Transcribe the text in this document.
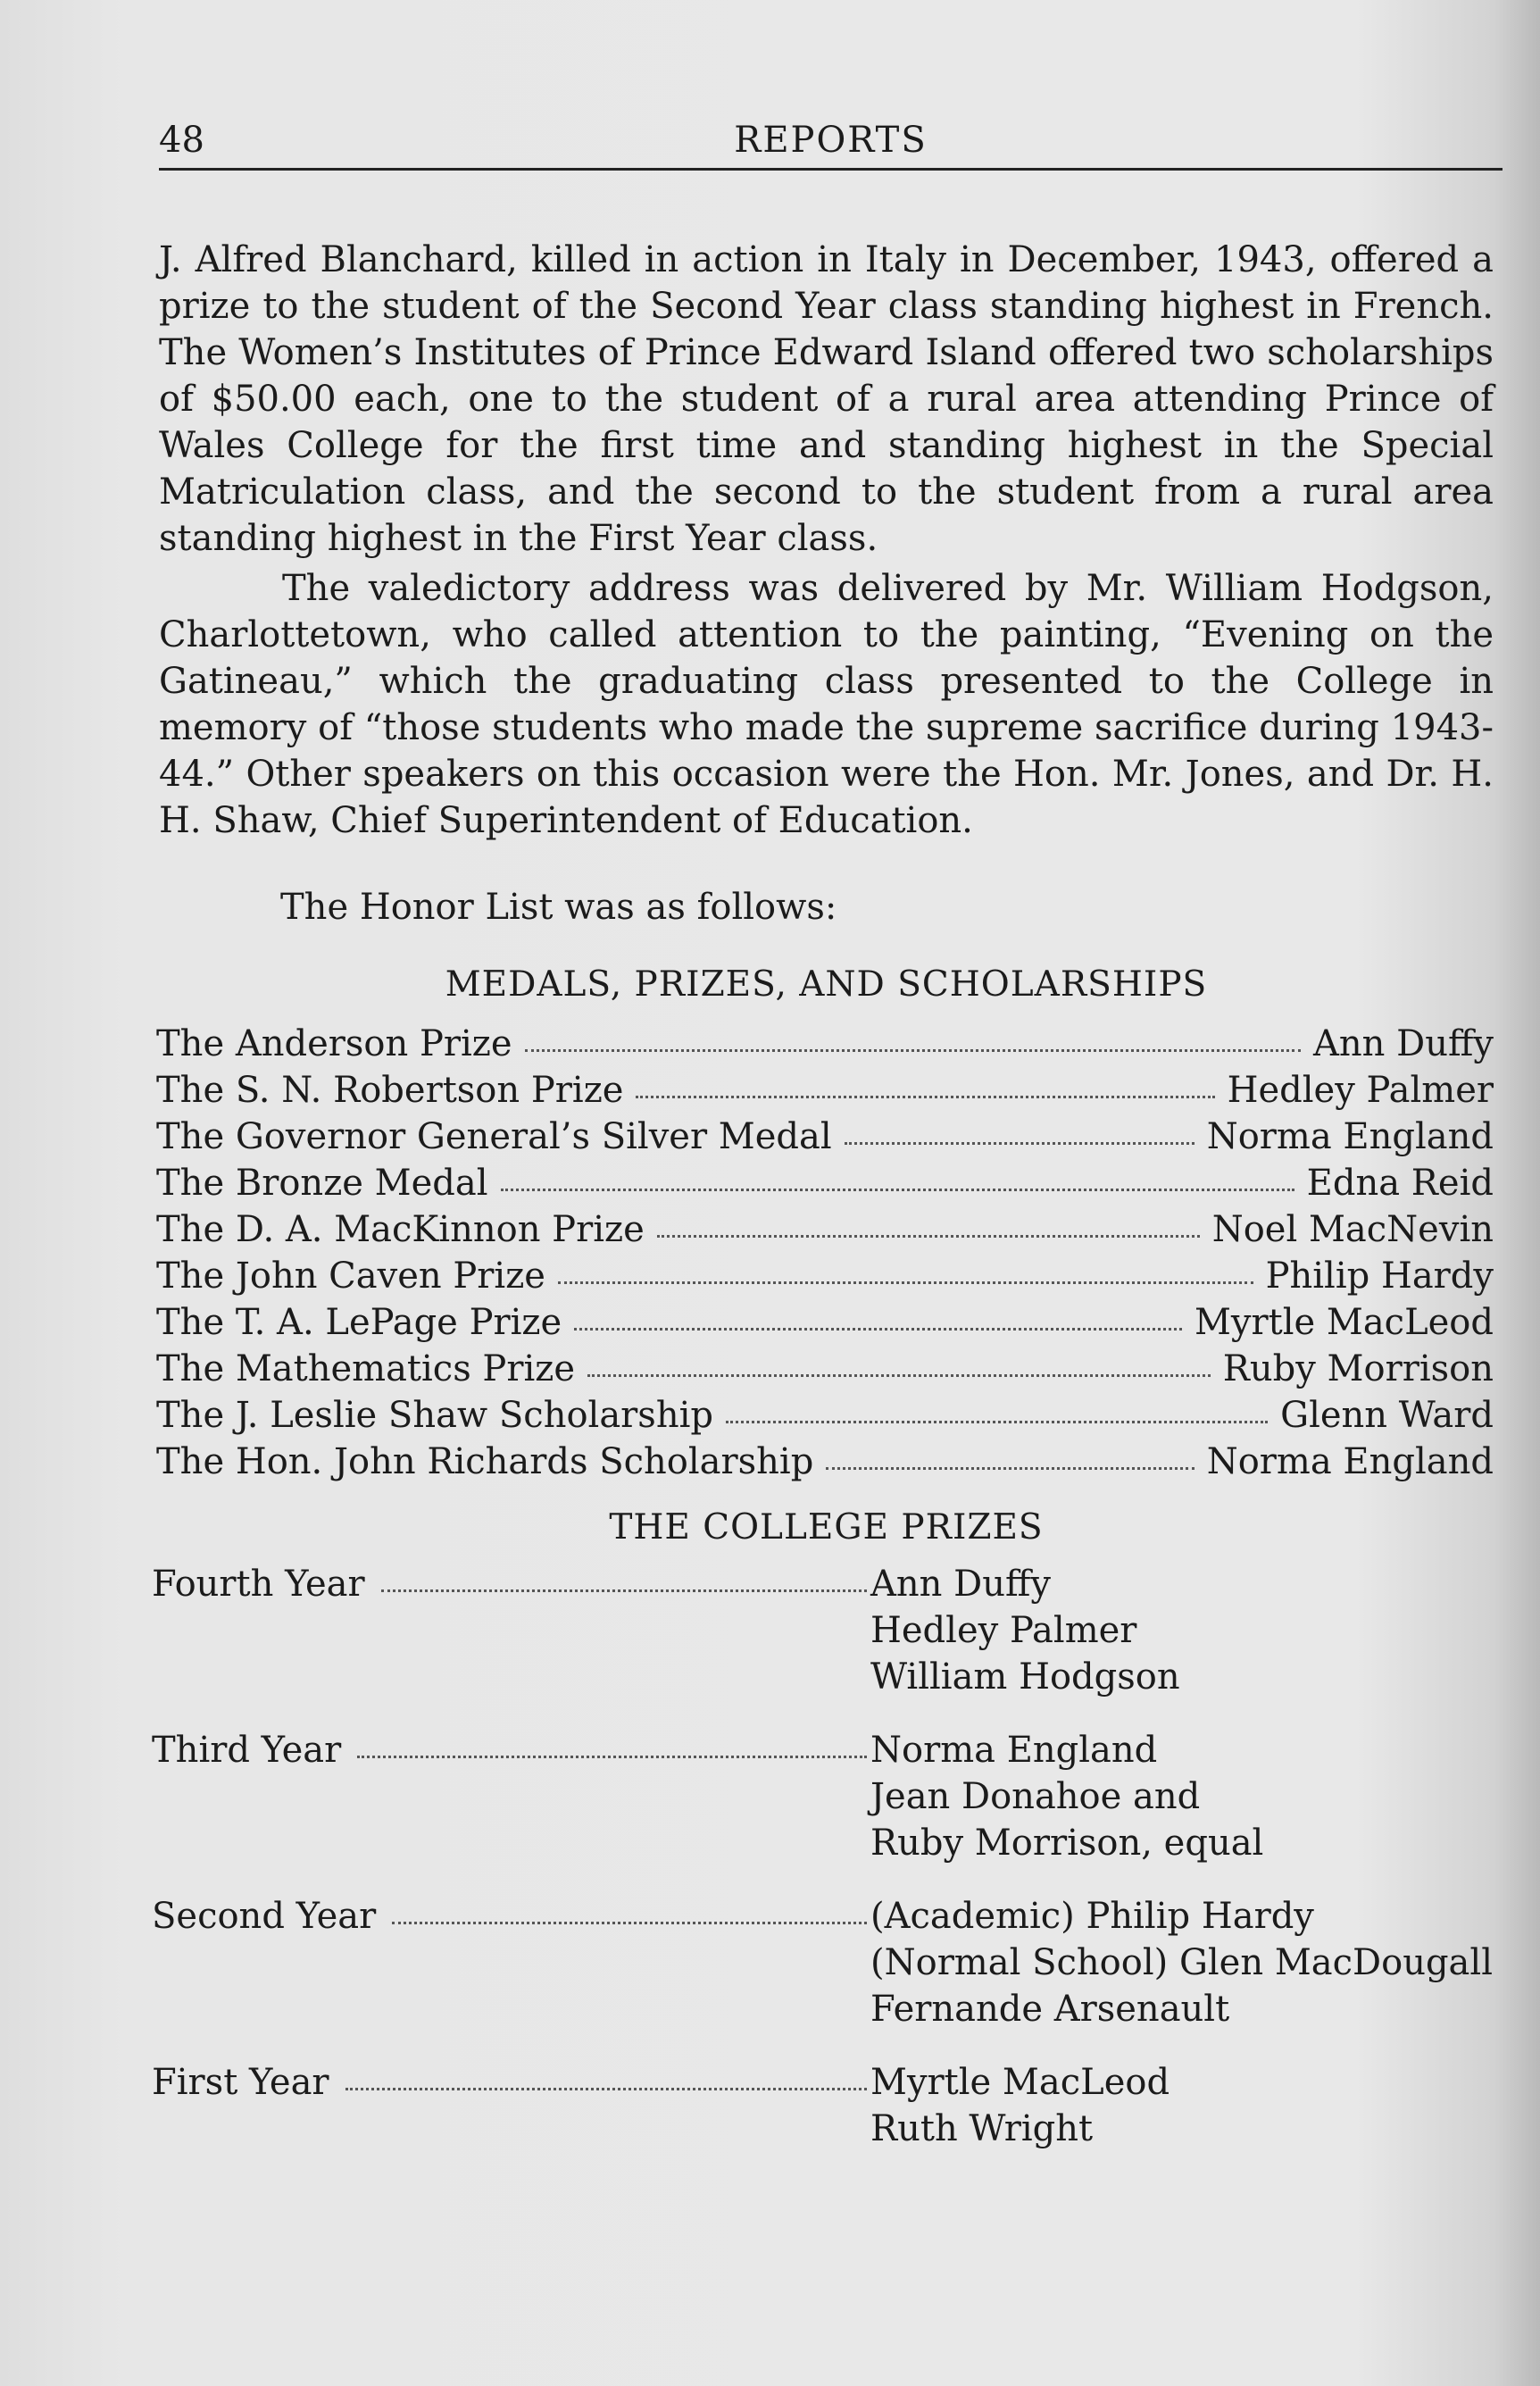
48	REPORTS

J. Alfred Blanchard, killed in action in Italy in December, 1943, offered a prize to the student of the Second Year class standing highest in French. The Women’s Institutes of Prince Edward Island offered two scholarships of $50.00 each, one to the student of a rural area attending Prince of Wales College for the first time and standing highest in the Special Matriculation class, and the second to the student from a rural area standing highest in the First Year class.

The valedictory address was delivered by Mr. William Hodgson, Charlottetown, who called attention to the painting, “Evening on the Gatineau,” which the graduating class presented to the College in memory of “those students who made the supreme sacrifice during 1943-44.” Other speakers on this occasion were the Hon. Mr. Jones, and Dr. H. H. Shaw, Chief Superintendent of Education.

The Honor List was as follows:
MEDALS, PRIZES, AND SCHOLARSHIPS
The Anderson Prize	Ann Duffy
The S. N. Robertson Prize	Hedley Palmer
The Governor General’s Silver Medal	Norma England
The Bronze Medal	Edna Reid
The D. A. MacKinnon Prize	Noel MacNevin
The John Caven Prize	Philip Hardy
The T. A. LePage Prize	Myrtle MacLeod
The Mathematics Prize	Ruby Morrison
The J. Leslie Shaw Scholarship	Glenn Ward
The Hon. John Richards Scholarship	Norma England
THE COLLEGE PRIZES
Fourth Year	Ann Duffy
Hedley Palmer
William Hodgson
Third Year	Norma England
Jean Donahoe and
Ruby Morrison, equal
Second Year	(Academic) Philip Hardy
(Normal School) Glen MacDougall
Fernande Arsenault
First Year	Myrtle MacLeod
Ruth Wright
